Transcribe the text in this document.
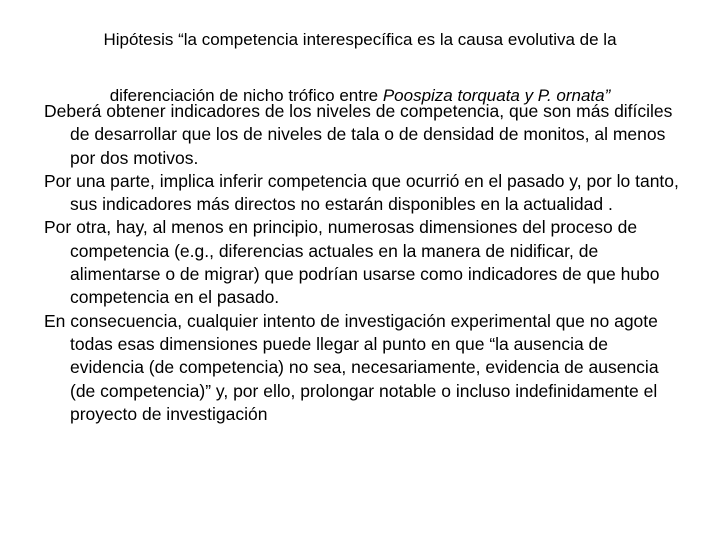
Hipótesis “la competencia interespecífica es la causa evolutiva de la
diferenciación de nicho trófico entre Poospiza torquata y P. ornata”

Deberá obtener indicadores de los niveles de competencia, que son más difíciles de desarrollar que los de niveles de tala o de densidad de monitos, al menos por dos motivos.

Por una parte, implica inferir competencia que ocurrió en el pasado y, por lo tanto, sus indicadores más directos no estarán disponibles en la actualidad .

Por otra, hay, al menos en principio, numerosas dimensiones del proceso de competencia (e.g., diferencias actuales en la manera de nidificar, de alimentarse o de migrar) que podrían usarse como indicadores de que hubo competencia en el pasado.

En consecuencia, cualquier intento de investigación experimental que no agote todas esas dimensiones puede llegar al punto en que “la ausencia de evidencia (de competencia) no sea, necesariamente, evidencia de ausencia (de competencia)” y, por ello, prolongar notable o incluso indefinidamente el proyecto de investigación
